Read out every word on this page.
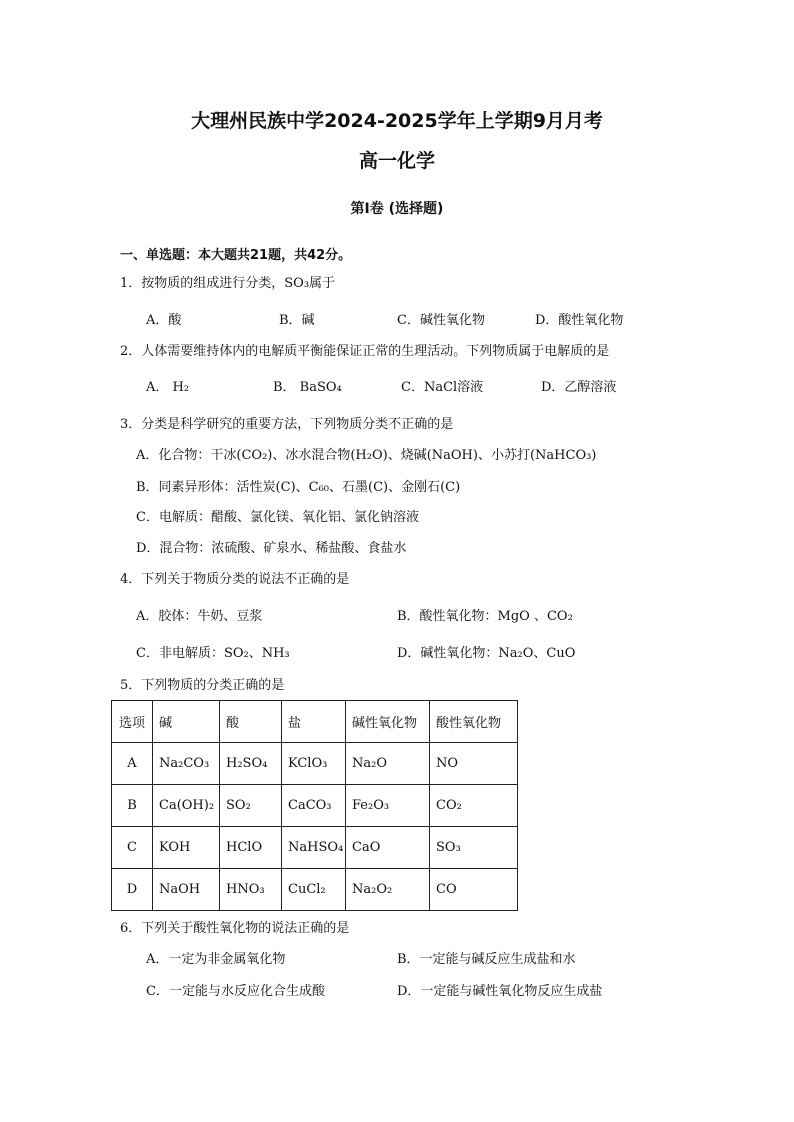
大理州民族中学2024-2025学年上学期9月月考
高一化学
第I卷 (选择题)
一、单选题：本大题共21题，共42分。
1．按物质的组成进行分类，SO₃属于
A．酸	B．碱	C．碱性氧化物	D．酸性氧化物
2．人体需要维持体内的电解质平衡能保证正常的生理活动。下列物质属于电解质的是
A． H₂	B． BaSO₄	C．NaCl溶液	D．乙醇溶液
3．分类是科学研究的重要方法，下列物质分类不正确的是
A．化合物：干冰(CO₂)、冰水混合物(H₂O)、烧碱(NaOH)、小苏打(NaHCO₃)
B．同素异形体：活性炭(C)、C₆₀、石墨(C)、金刚石(C)
C．电解质：醋酸、氯化镁、氧化铝、氯化钠溶液
D．混合物：浓硫酸、矿泉水、稀盐酸、食盐水
4．下列关于物质分类的说法不正确的是
A．胶体：牛奶、豆浆	B．酸性氧化物：MgO 、CO₂
C．非电解质：SO₂、NH₃	D．碱性氧化物：Na₂O、CuO
5．下列物质的分类正确的是
选项	碱	酸	盐	碱性氧化物	酸性氧化物
A	Na₂CO₃	H₂SO₄	KClO₃	Na₂O	NO
B	Ca(OH)₂	SO₂	CaCO₃	Fe₂O₃	CO₂
C	KOH	HClO	NaHSO₄	CaO	SO₃
D	NaOH	HNO₃	CuCl₂	Na₂O₂	CO
6．下列关于酸性氧化物的说法正确的是
A．一定为非金属氧化物	B．一定能与碱反应生成盐和水
C．一定能与水反应化合生成酸	D．一定能与碱性氧化物反应生成盐
